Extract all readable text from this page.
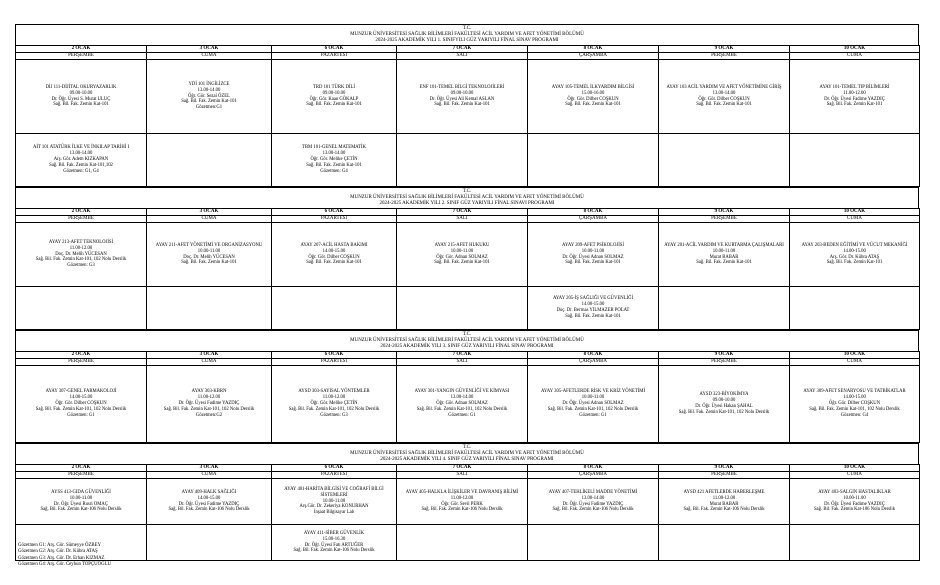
T.C.
MUNZUR ÜNİVERSİTESİ SAĞLIK BİLİMLERİ FAKÜLTESİ ACİL YARDIM VE AFET YÖNETİMİ BÖLÜMÜ
2024-2025 AKADEMİK YILI 1. SINIFYILI GÜZ YARIYILI FİNAL SINAV PROGRAMI
2 OCAK	3 OCAK	6 OCAK	7 OCAK	8 OCAK	9 OCAK	10 OCAK
PERŞEMBE	CUMA	PAZARTESİ	SALI	ÇARŞAMBA	PERŞEMBE	CUMA

DİJ 111-DİJİTAL OKURYAZARLIK
09.00-10.00
Dr. Öğr. Üyesi S. Murat ULUÇ
Sağ. Bil. Fak. Zemin Kat-101	YDİ 101 İNGİLİZCE
13.00-14.00
Öğr. Gör. Sezai ÖZEL
Sağ. Bil. Fak. Zemin Kat-101
Gözetmen:G1	TRD 101 TÜRK DİLİ
09.00-10.00
Öğr. Gör. Kaan GÖKALP
Sağ. Bil. Fak. Zemin Kat-101	ENF 101-TEMEL BİLGİ TEKNOLOJİLERİ
09.00-10.00
Dr. Öğr. Üyesi Ali Kemal ASLAN
Sağ. Bil. Fak. Zemin Kat-101	AYAY 105-TEMEL İLKYARDIM BİLGİSİ
15.00-16.00
Öğr. Gör. Dilber COŞKUN
Sağ. Bil. Fak. Zemin Kat-101	AYAY 103 ACİL YARDIM VE AFET YÖNETİMİNE GİRİŞ
13.00-14.00
Öğr. Gör. Dilber COŞKUN
Sağ. Bil. Fak. Zemin Kat-101	AYAY 101-TEMEL TIP BİLİMLERİ
11.00-12.00
Dr. Öğr. Üyesi Fadime YAZDIÇ
Sağ. Bil. Fak. Zemin Kat-101

AİT 101 ATATÜRK İLKE VE İNKILAP TARİHİ I
13.00-14.00
Arş. Gör. Adem KIZKAPAN
Sağ. Bil. Fak. Zemin Kat-101,102
Gözetmen: G1, G4		TBM 101-GENEL MATEMATİK
13.00-14.00
Öğr. Gör. Melike ÇETİN
Sağ. Bil. Fak. Zemin Kat-101
Gözetmen: G4				

T.C.
MUNZUR ÜNİVERSİTESİ SAĞLIK BİLİMLERİ FAKÜLTESİ ACİL YARDIM VE AFET YÖNETİMİ BÖLÜMÜ
2024-2025 AKADEMİK YILI 2. SINIF GÜZ YARIYILI FİNAL SINAVI PROGRAMI
2 OCAK	3 OCAK	6 OCAK	7 OCAK	8 OCAK	9 OCAK	10 OCAK
PERŞEMBE	CUMA	PAZARTESİ	SALI	ÇARŞAMBA	PERŞEMBE	CUMA

AYAY 213-AFET TEKNOLOJİSİ
11.00-12.00
Doç. Dr. Melih YÜCESAN
Sağ. Bil. Fak. Zemin Kat-101, 102 Nolu Derslik
Gözetmen: G3	AYAY 211-AFET YÖNETİMİ VE ORGANİZASYONU
10.00-11.00
Doç. Dr. Melih YÜCESAN
Sağ. Bil. Fak. Zemin Kat-101	AYAY 207-ACİL HASTA BAKIMI
14.00-15.00
Öğr. Gör. Dilber COŞKUN
Sağ. Bil. Fak. Zemin Kat-101	AYAY 215-AFET HUKUKU
10.00-11.00
Öğr. Gör. Adnan SOLMAZ
Sağ. Bil. Fak. Zemin Kat-101	AYAY 209-AFET PSİKOLOJİSİ
10.00-11.00
Dr. Öğr. Üyesi Adnan SOLMAZ
Sağ. Bil. Fak. Zemin Kat-101	AYAY 201-ACİL YARDIM VE KURTARMA ÇALIŞMALARI
10.00-11.00
Murat BABAR
Sağ. Bil. Fak. Zemin Kat-101	AYAY 203-BEDEN EĞİTİMİ VE VÜCUT MEKANİĞİ
14.00-15.00
Arş. Gör. Dr. Kübra ATAŞ
Sağ. Bil. Fak. Zemin Kat-101

				AYAY 205-İŞ SAĞLIĞI VE GÜVENLİĞİ
14.00-15.00
Doç. Dr. Berrnas YILMAZER POLAT
Sağ. Bil. Fak. Zemin Kat-101		

T.C.
MUNZUR ÜNİVERSİTESİ SAĞLIK BİLİMLERİ FAKÜLTESİ ACİL YARDIM VE AFET YÖNETİMİ BÖLÜMÜ
2024-2025 AKADEMİK YILI 3. SINIF GÜZ YARIYILI FİNAL SINAV PROGRAMI
2 OCAK	3 OCAK	6 OCAK	7 OCAK	8 OCAK	9 OCAK	10 OCAK
PERŞEMBE	CUMA	PAZARTESİ	SALI	ÇARŞAMBA	PERŞEMBE	CUMA

AYAY 307-GENEL FARMAKOLOJİ
14.00-15.00
Öğr. Gör. Dilber COŞKUN
Sağ. Bil. Fak. Zemin Kat-101, 102 Nolu Derslik
Gözetmen: G1	AYAY 303-KBRN
11.00-12.00
Dr. Öğr. Üyesi Fadime YAZDIÇ
Sağ. Bil. Fak. Zemin Kat-101, 102 Nolu Derslik
Gözetmen:G2	AYSD 303-SAYISAL YÖNTEMLER
11.00-12.00
Öğr. Gör. Melike ÇETİN
Sağ. Bil. Fak. Zemin Kat-101, 102 Nolu Derslik
Gözetmen: G3	AYAY 301-YANGIN GÜVENLİĞİ VE KİMYASI
13.00-14.00
Öğr. Gör. Adnan SOLMAZ
Sağ. Bil. Fak. Zemin Kat-101, 102 Nolu Derslik
Gözetmen: G1	AYAY 305-AFETLERDE RİSK VE KRİZ YÖNETİMİ
10.00-11.00
Dr. Öğr. Üyesi Adnan SOLMAZ
Sağ. Bil. Fak. Zemin Kat-101, 102 Nolu Derslik
Gözetmen: G1	AYSD 323-BİYOKİMYA
09.00-10.00
Dr. Öğr. Üyesi Hakan ŞAHAL
Sağ. Bil. Fak. Zemin Kat-101, 102 Nolu Derslik	AYAY 309-AFET SENARYOSU VE TATBİKATLAR
14.00-15.00
Öğr. Gör. Dilber COŞKUN
Sağ. Bil. Fak. Zemin Kat-101, 102 Nolu Derslik
Gözetmen: G4
T.C.
MUNZUR ÜNİVERSİTESİ SAĞLIK BİLİMLERİ FAKÜLTESİ ACİL YARDIM VE AFET YÖNETİMİ BÖLÜMÜ
2024-2025 AKADEMİK YILI 4. SINIF GÜZ YARIYILI FİNAL SINAV PROGRAMI
2 OCAK	3 OCAK	6 OCAK	7 OCAK	8 OCAK	9 OCAK	10 OCAK
PERŞEMBE	CUMA	PAZARTESİ	SALI	ÇARŞAMBA	PERŞEMBE	CUMA

AYSS 413-GIDA GÜVENLİĞİ
10.00-11.00
Dr. Öğr. Üyesi Rusri OMAÇ
Sağ. Bil. Fak. Zemin Kat-106 Nolu Derslik	AYAY 409-HALK SAĞLIĞI
14.00-15.00
Dr. Öğr. Üyesi Fadime YAZDIÇ
Sağ. Bil. Fak. Zemin Kat-106 Nolu Derslik	AYAY 401-HARİTA BİLGİSİ VE COĞRAFİ BİLGİ SİSTEMLERİ
10.00-11.00
Arş.Gör. Dr. Zekeriya KONURHAN
İnşaat Bilgisayar Lab	AYAY 405-HALKLA İLİŞKİLER VE DAVRANIŞ BİLİMİ
11.00-12.00
Öğr. Gör. Sevil PERK
Sağ. Bil. Fak. Zemin Kat-106 Nolu Derslik	AYAY 407-TEHLİKELİ MADDE YÖNETİMİ
13.00-14.00
Dr. Öğr. Üyesi Fadime YAZDIÇ
Sağ. Bil. Fak. Zemin Kat-106 Nolu Derslik	AYSD 421 AFETLERDE HABERLEŞME
11.00-12.00
Murat BABAR
Sağ. Bil. Fak. Zemin Kat-106 Nolu Derslik	AYAY 403-SALGIN HASTALIKLAR
10.00-11.00
Dr. Öğr. Üyesi Fadime YAZDIÇ
Sağ. Bil. Fak. Zemin Kat-106 Nolu Derslik

		AYAY 411-SİBER GÜVENLİK
15.00-16.30
Dr. Öğr. Üyesi Fatı ARTUĞER
Sağ. Bil. Fak. Zemin Kat-106 Nolu Derslik				

Gözetmen G1: Arş. Gör. Sümeyye ÖZBEY
Gözetmen G2: Arş. Gör. Dr. Kübra ATAŞ
Gözetmen G3: Arş. Gör. Dr. Erhan KIZMAZ
Gözetmen G4: Arş. Gör. Ceyhun TOPÇUOĞLU
